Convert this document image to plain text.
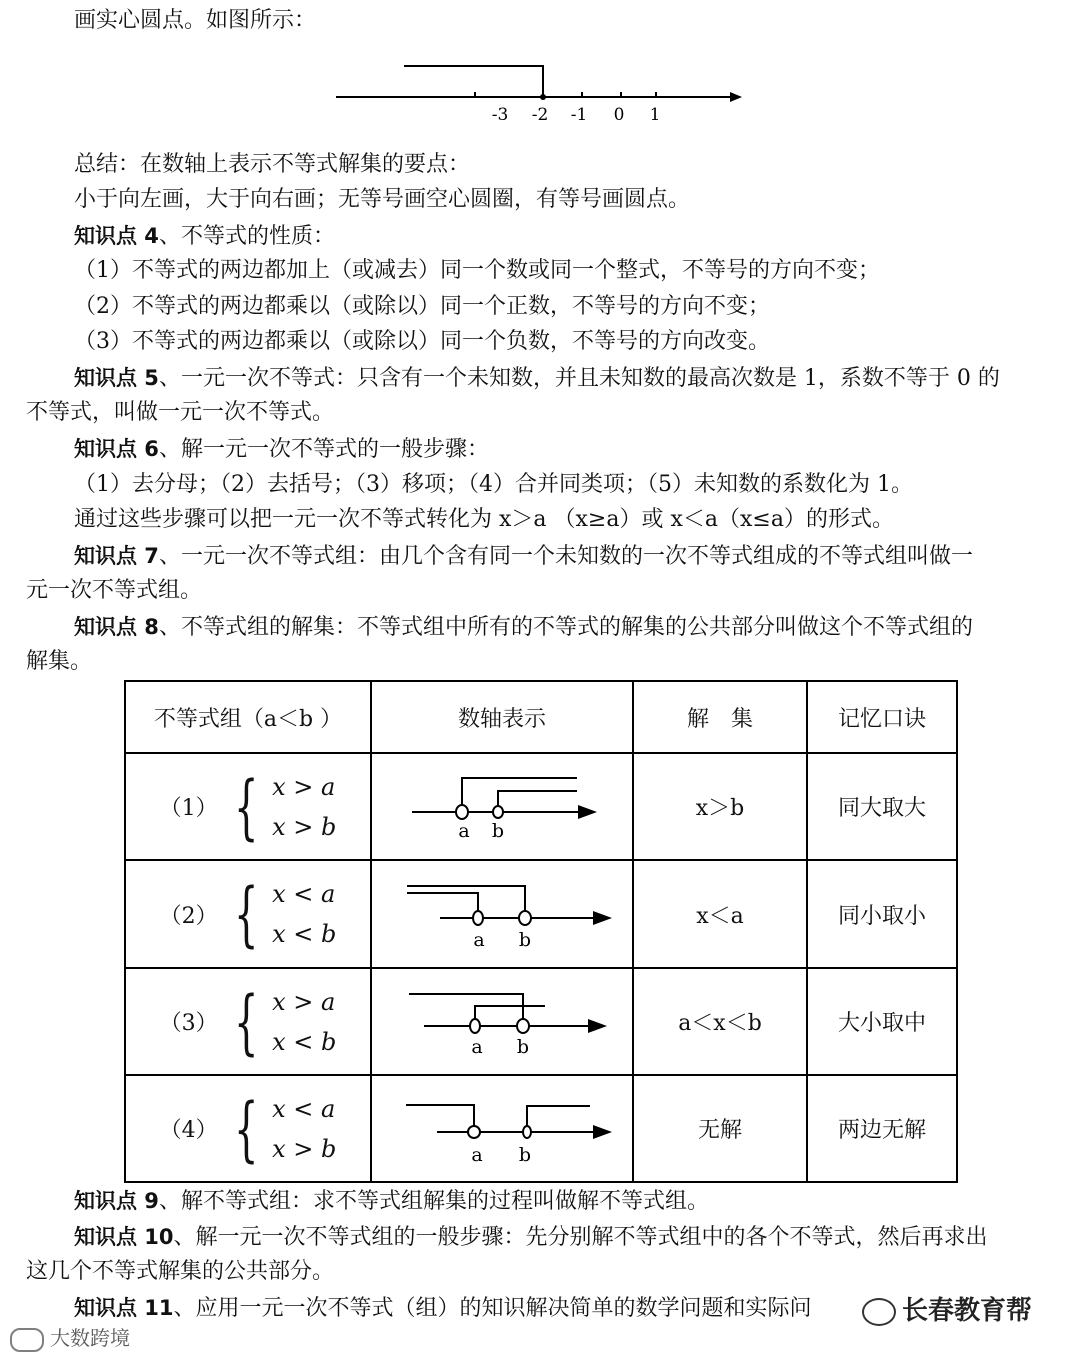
画实心圆点。如图所示：
-3 -2 -1 0 1
总结：在数轴上表示不等式解集的要点：
小于向左画，大于向右画；无等号画空心圆圈，有等号画圆点。
知识点 4、不等式的性质：
（1）不等式的两边都加上（或减去）同一个数或同一个整式，不等号的方向不变；
（2）不等式的两边都乘以（或除以）同一个正数，不等号的方向不变；
（3）不等式的两边都乘以（或除以）同一个负数，不等号的方向改变。
知识点 5、一元一次不等式：只含有一个未知数，并且未知数的最高次数是 1，系数不等于 0 的
不等式，叫做一元一次不等式。
知识点 6、解一元一次不等式的一般步骤：
（1）去分母；（2）去括号；（3）移项；（4）合并同类项；（5）未知数的系数化为 1。
通过这些步骤可以把一元一次不等式转化为 x＞a （x≥a）或 x＜a（x≤a）的形式。
知识点 7、一元一次不等式组：由几个含有同一个未知数的一次不等式组成的不等式组叫做一
元一次不等式组。
知识点 8、不等式组的解集：不等式组中所有的不等式的解集的公共部分叫做这个不等式组的
解集。
不等式组（a＜b ）	数轴表示	解　集	记忆口诀

（1） { x > a
x > b	a b	x＞b	同大取大

（2） { x < a
x < b	a b	x＜a	同小取小

（3） { x > a
x < b	a b	a＜x＜b	大小取中

（4） { x < a
x > b	a b	无解	两边无解
知识点 9、解不等式组：求不等式组解集的过程叫做解不等式组。
知识点 10、解一元一次不等式组的一般步骤：先分别解不等式组中的各个不等式，然后再求出
这几个不等式解集的公共部分。
知识点 11、应用一元一次不等式（组）的知识解决简单的数学问题和实际问
大数跨境
长春教育帮
